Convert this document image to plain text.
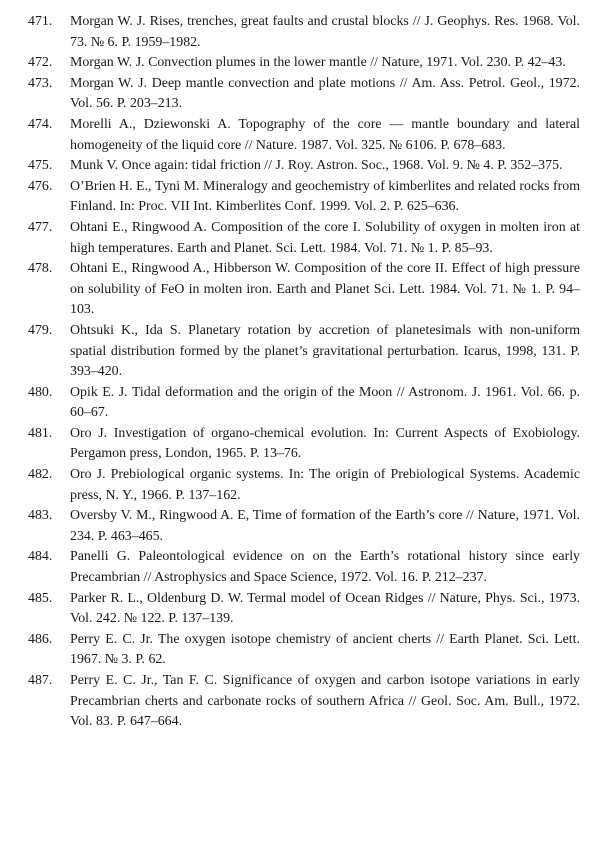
471.	Morgan W. J. Rises, trenches, great faults and crustal blocks // J. Geophys. Res. 1968. Vol. 73. № 6. P. 1959–1982.
472.	Morgan W. J. Convection plumes in the lower mantle // Nature, 1971. Vol. 230. P. 42–43.
473.	Morgan W. J. Deep mantle convection and plate motions // Am. Ass. Petrol. Geol., 1972. Vol. 56. P. 203–213.
474.	Morelli A., Dziewonski A. Topography of the core — mantle boundary and lateral homogeneity of the liquid core // Nature. 1987. Vol. 325. № 6106. P. 678–683.
475.	Munk V. Once again: tidal friction // J. Roy. Astron. Soc., 1968. Vol. 9. № 4. P. 352–375.
476.	O’Brien H. E., Tyni M. Mineralogy and geochemistry of kimberlites and related rocks from Finland. In: Proc. VII Int. Kimberlites Conf. 1999. Vol. 2. P. 625–636.
477.	Ohtani E., Ringwood A. Composition of the core I. Solubility of oxygen in molten iron at high temperatures. Earth and Planet. Sci. Lett. 1984. Vol. 71. № 1. P. 85–93.
478.	Ohtani E., Ringwood A., Hibberson W. Composition of the core II. Effect of high pressure on solubility of FeO in molten iron. Earth and Planet Sci. Lett. 1984. Vol. 71. № 1. P. 94–103.
479.	Ohtsuki K., Ida S. Planetary rotation by accretion of planetesimals with non-uniform spatial distribution formed by the planet’s gravitational perturbation. Icarus, 1998, 131. P. 393–420.
480.	Opik E. J. Tidal deformation and the origin of the Moon // Astronom. J. 1961. Vol. 66. p. 60–67.
481.	Oro J. Investigation of organo-chemical evolution. In: Current Aspects of Exobiology. Pergamon press, London, 1965. P. 13–76.
482.	Oro J. Prebiological organic systems. In: The origin of Prebiological Systems. Academic press, N. Y., 1966. P. 137–162.
483.	Oversby V. M., Ringwood A. E, Time of formation of the Earth’s core // Nature, 1971. Vol. 234. P. 463–465.
484.	Panelli G. Paleontological evidence on on the Earth’s rotational history since early Precambrian // Astrophysics and Space Science, 1972. Vol. 16. P. 212–237.
485.	Parker R. L., Oldenburg D. W. Termal model of Ocean Ridges // Nature, Phys. Sci., 1973. Vol. 242. № 122. P. 137–139.
486.	Perry E. C. Jr. The oxygen isotope chemistry of ancient cherts // Earth Planet. Sci. Lett. 1967. № 3. P. 62.
487.	Perry E. C. Jr., Tan F. C. Significance of oxygen and carbon isotope variations in early Precambrian cherts and carbonate rocks of southern Africa // Geol. Soc. Am. Bull., 1972. Vol. 83. P. 647–664.
